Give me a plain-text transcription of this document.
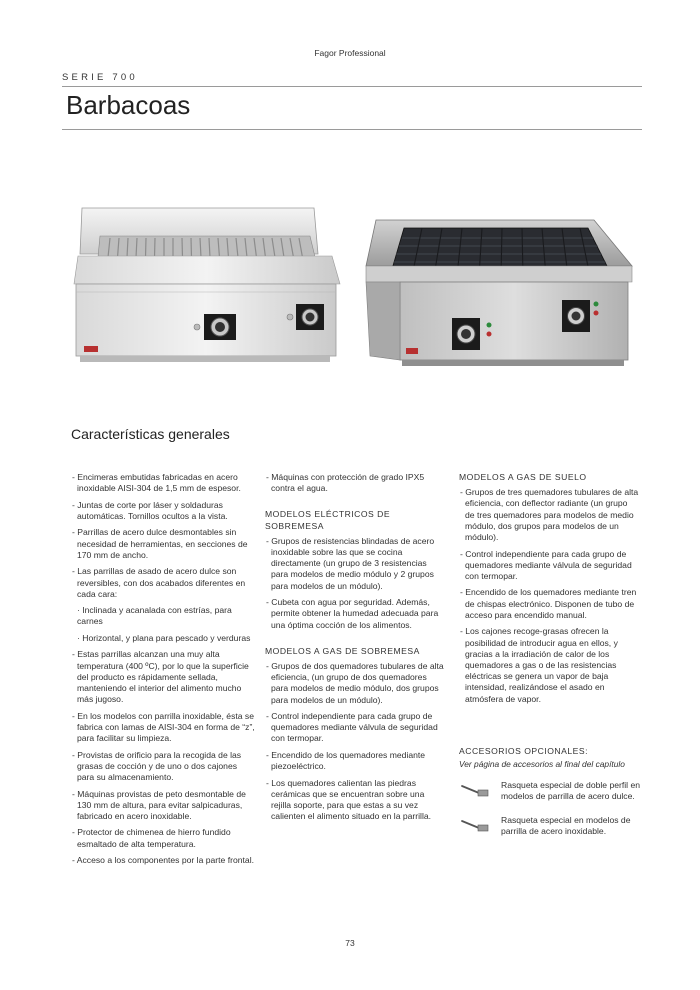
Fagor Professional
SERIE 700
Barbacoas
Características generales

- Encimeras embutidas fabricadas en acero inoxidable AISI-304 de 1,5 mm de espesor.

- Juntas de corte por láser y soldaduras automáticas. Tornillos ocultos a la vista.

- Parrillas de acero dulce desmontables sin necesidad de herramientas, en secciones de 170 mm de ancho.

- Las parrillas de asado de acero dulce son reversibles, con dos acabados diferentes en cada cara:

· Inclinada y acanalada con estrías, para carnes

· Horizontal, y plana para pescado y verduras

- Estas parrillas alcanzan una muy alta temperatura (400 ºC), por lo que la superficie del producto es rápidamente sellada, manteniendo el interior del alimento mucho más jugoso.

- En los modelos con parrilla inoxidable, ésta se fabrica con lamas de AISI-304 en forma de “z”, para facilitar su limpieza.

- Provistas de orificio para la recogida de las grasas de cocción y de uno o dos cajones para su almacenamiento.

- Máquinas provistas de peto desmontable de 130 mm de altura, para evitar salpicaduras, fabricado en acero inoxidable.

- Protector de chimenea de hierro fundido esmaltado de alta temperatura.

- Acceso a los componentes por la parte frontal.

- Máquinas con protección de grado IPX5 contra el agua.

MODELOS ELÉCTRICOS DE SOBREMESA

- Grupos de resistencias blindadas de acero inoxidable sobre las que se cocina directamente (un grupo de 3 resistencias para modelos de medio módulo y 2 grupos para modelos de un módulo).

- Cubeta con agua por seguridad. Además, permite obtener la humedad adecuada para una óptima cocción de los alimentos.

MODELOS A GAS DE SOBREMESA

- Grupos de dos quemadores tubulares de alta eficiencia, (un grupo de dos quemadores para modelos de medio módulo, dos grupos para modelos de un módulo).

- Control independiente para cada grupo de quemadores mediante válvula de seguridad con termopar.

- Encendido de los quemadores mediante piezoeléctrico.

- Los quemadores calientan las piedras cerámicas que se encuentran sobre una rejilla soporte, para que estas a su vez calienten el alimento situado en la parrilla.

MODELOS A GAS DE SUELO

- Grupos de tres quemadores tubulares de alta eficiencia, con deflector radiante (un grupo de tres quemadores para modelos de medio módulo, dos grupos para modelos de un módulo).

- Control independiente para cada grupo de quemadores mediante válvula de seguridad con termopar.

- Encendido de los quemadores mediante tren de chispas electrónico. Disponen de tubo de acceso para encendido manual.

- Los cajones recoge-grasas ofrecen la posibilidad de introducir agua en ellos, y gracias a la irradiación de calor de los quemadores a gas o de las resistencias eléctricas se genera un vapor de baja intensidad, realizándose el asado en atmósfera de vapor.

ACCESORIOS OPCIONALES:
Ver página de accesorios al final del capítulo
Rasqueta especial de doble perfil en modelos de parrilla de acero dulce.
Rasqueta especial en modelos de parrilla de acero inoxidable.
73
